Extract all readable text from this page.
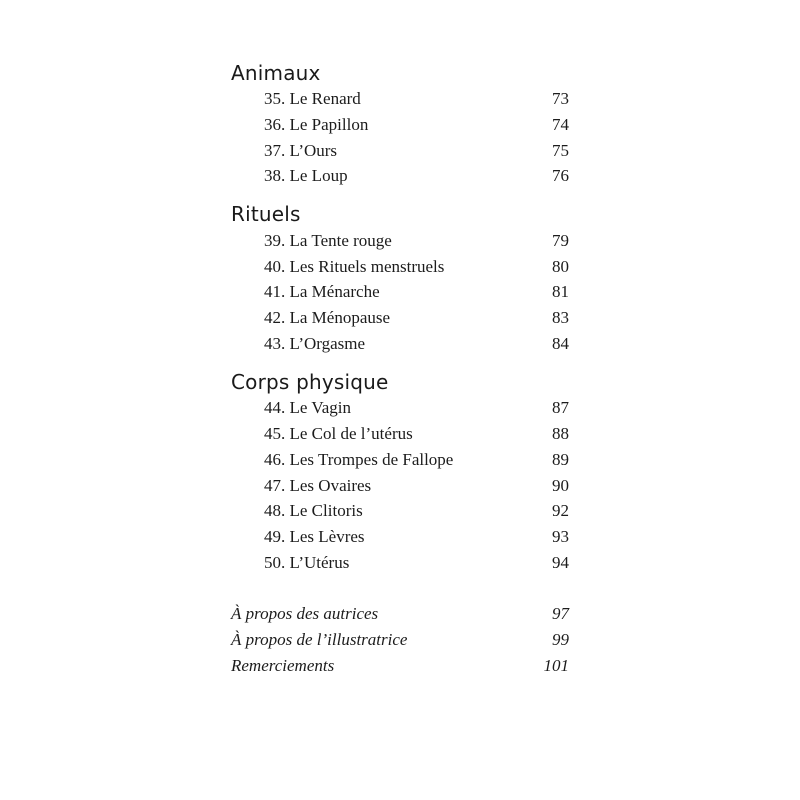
Animaux
35. Le Renard	73
36. Le Papillon	74
37. L’Ours	75
38. Le Loup	76
Rituels
39. La Tente rouge	79
40. Les Rituels menstruels	80
41. La Ménarche	81
42. La Ménopause	83
43. L’Orgasme	84
Corps physique
44. Le Vagin	87
45. Le Col de l’utérus	88
46. Les Trompes de Fallope	89
47. Les Ovaires	90
48. Le Clitoris	92
49. Les Lèvres	93
50. L’Utérus	94
À propos des autrices	97
À propos de l’illustratrice	99
Remerciements	101
